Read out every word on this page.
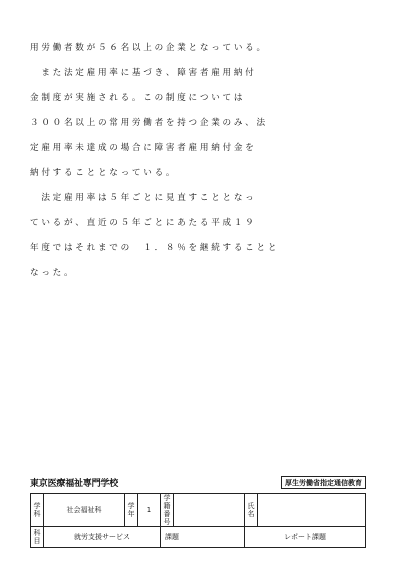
用 労 働 者 数 が ５ ６ 名 以 上 の 企 業 と な っ て い る 。
　 ま た 法 定 雇 用 率 に 基 づ き 、 障 害 者 雇 用 納 付
金 制 度 が 実 施 さ れ る 。 こ の 制 度 に つ い て は
３ ０ ０ 名 以 上 の 常 用 労 働 者 を 持 つ 企 業 の み 、 法
定 雇 用 率 未 達 成 の 場 合 に 障 害 者 雇 用 納 付 金 を
納 付 す る こ と と な っ て い る 。
　 法 定 雇 用 率 は ５ 年 ご と に 見 直 す こ と と な っ
て い る が 、 直 近 の ５ 年 ご と に あ た る 平 成 １ ９
年 度 で は そ れ ま で の 　 １ ． ８ ％ を 継 続 す る こ と と
な っ た 。
東京医療福祉専門学校	厚生労働省指定通信教育
学科	社会福祉科	学年	1	学籍番号		氏名	
科目	就労支援サービス			課題		レポート課題	
